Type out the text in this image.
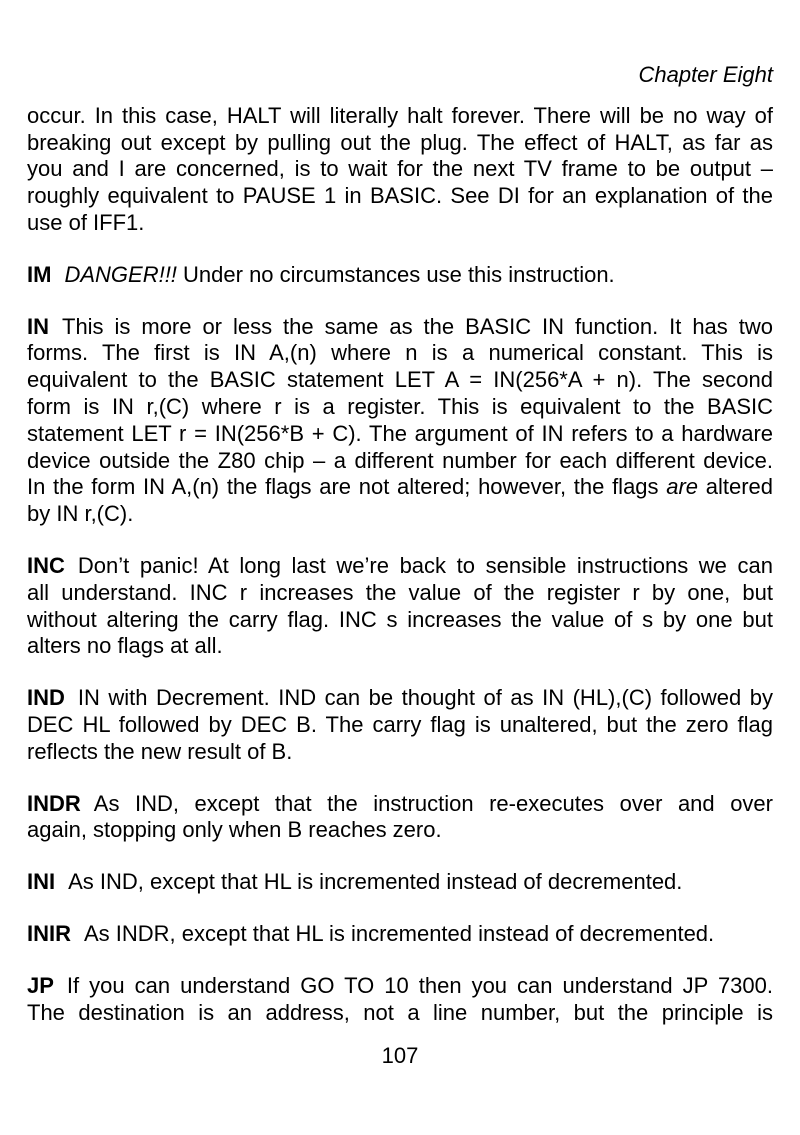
Chapter Eight
occur. In this case, HALT will literally halt forever. There will be no way of
breaking out except by pulling out the plug. The effect of HALT, as far as
you and I are concerned, is to wait for the next TV frame to be output –
roughly equivalent to PAUSE 1 in BASIC. See DI for an explanation of the
use of IFF1.
IM DANGER!!! Under no circumstances use this instruction.
IN This is more or less the same as the BASIC IN function. It has two
forms. The first is IN A,(n) where n is a numerical constant. This is
equivalent to the BASIC statement LET A = IN(256*A + n). The second
form is IN r,(C) where r is a register. This is equivalent to the BASIC
statement LET r = IN(256*B + C). The argument of IN refers to a hardware
device outside the Z80 chip – a different number for each different device.
In the form IN A,(n) the flags are not altered; however, the flags are altered
by IN r,(C).
INC Don’t panic! At long last we’re back to sensible instructions we can
all understand. INC r increases the value of the register r by one, but
without altering the carry flag. INC s increases the value of s by one but
alters no flags at all.
IND IN with Decrement. IND can be thought of as IN (HL),(C) followed by
DEC HL followed by DEC B. The carry flag is unaltered, but the zero flag
reflects the new result of B.
INDR As IND, except that the instruction re-executes over and over
again, stopping only when B reaches zero.
INI As IND, except that HL is incremented instead of decremented.
INIR As INDR, except that HL is incremented instead of decremented.
JP If you can understand GO TO 10 then you can understand JP 7300.
The destination is an address, not a line number, but the principle is
107
